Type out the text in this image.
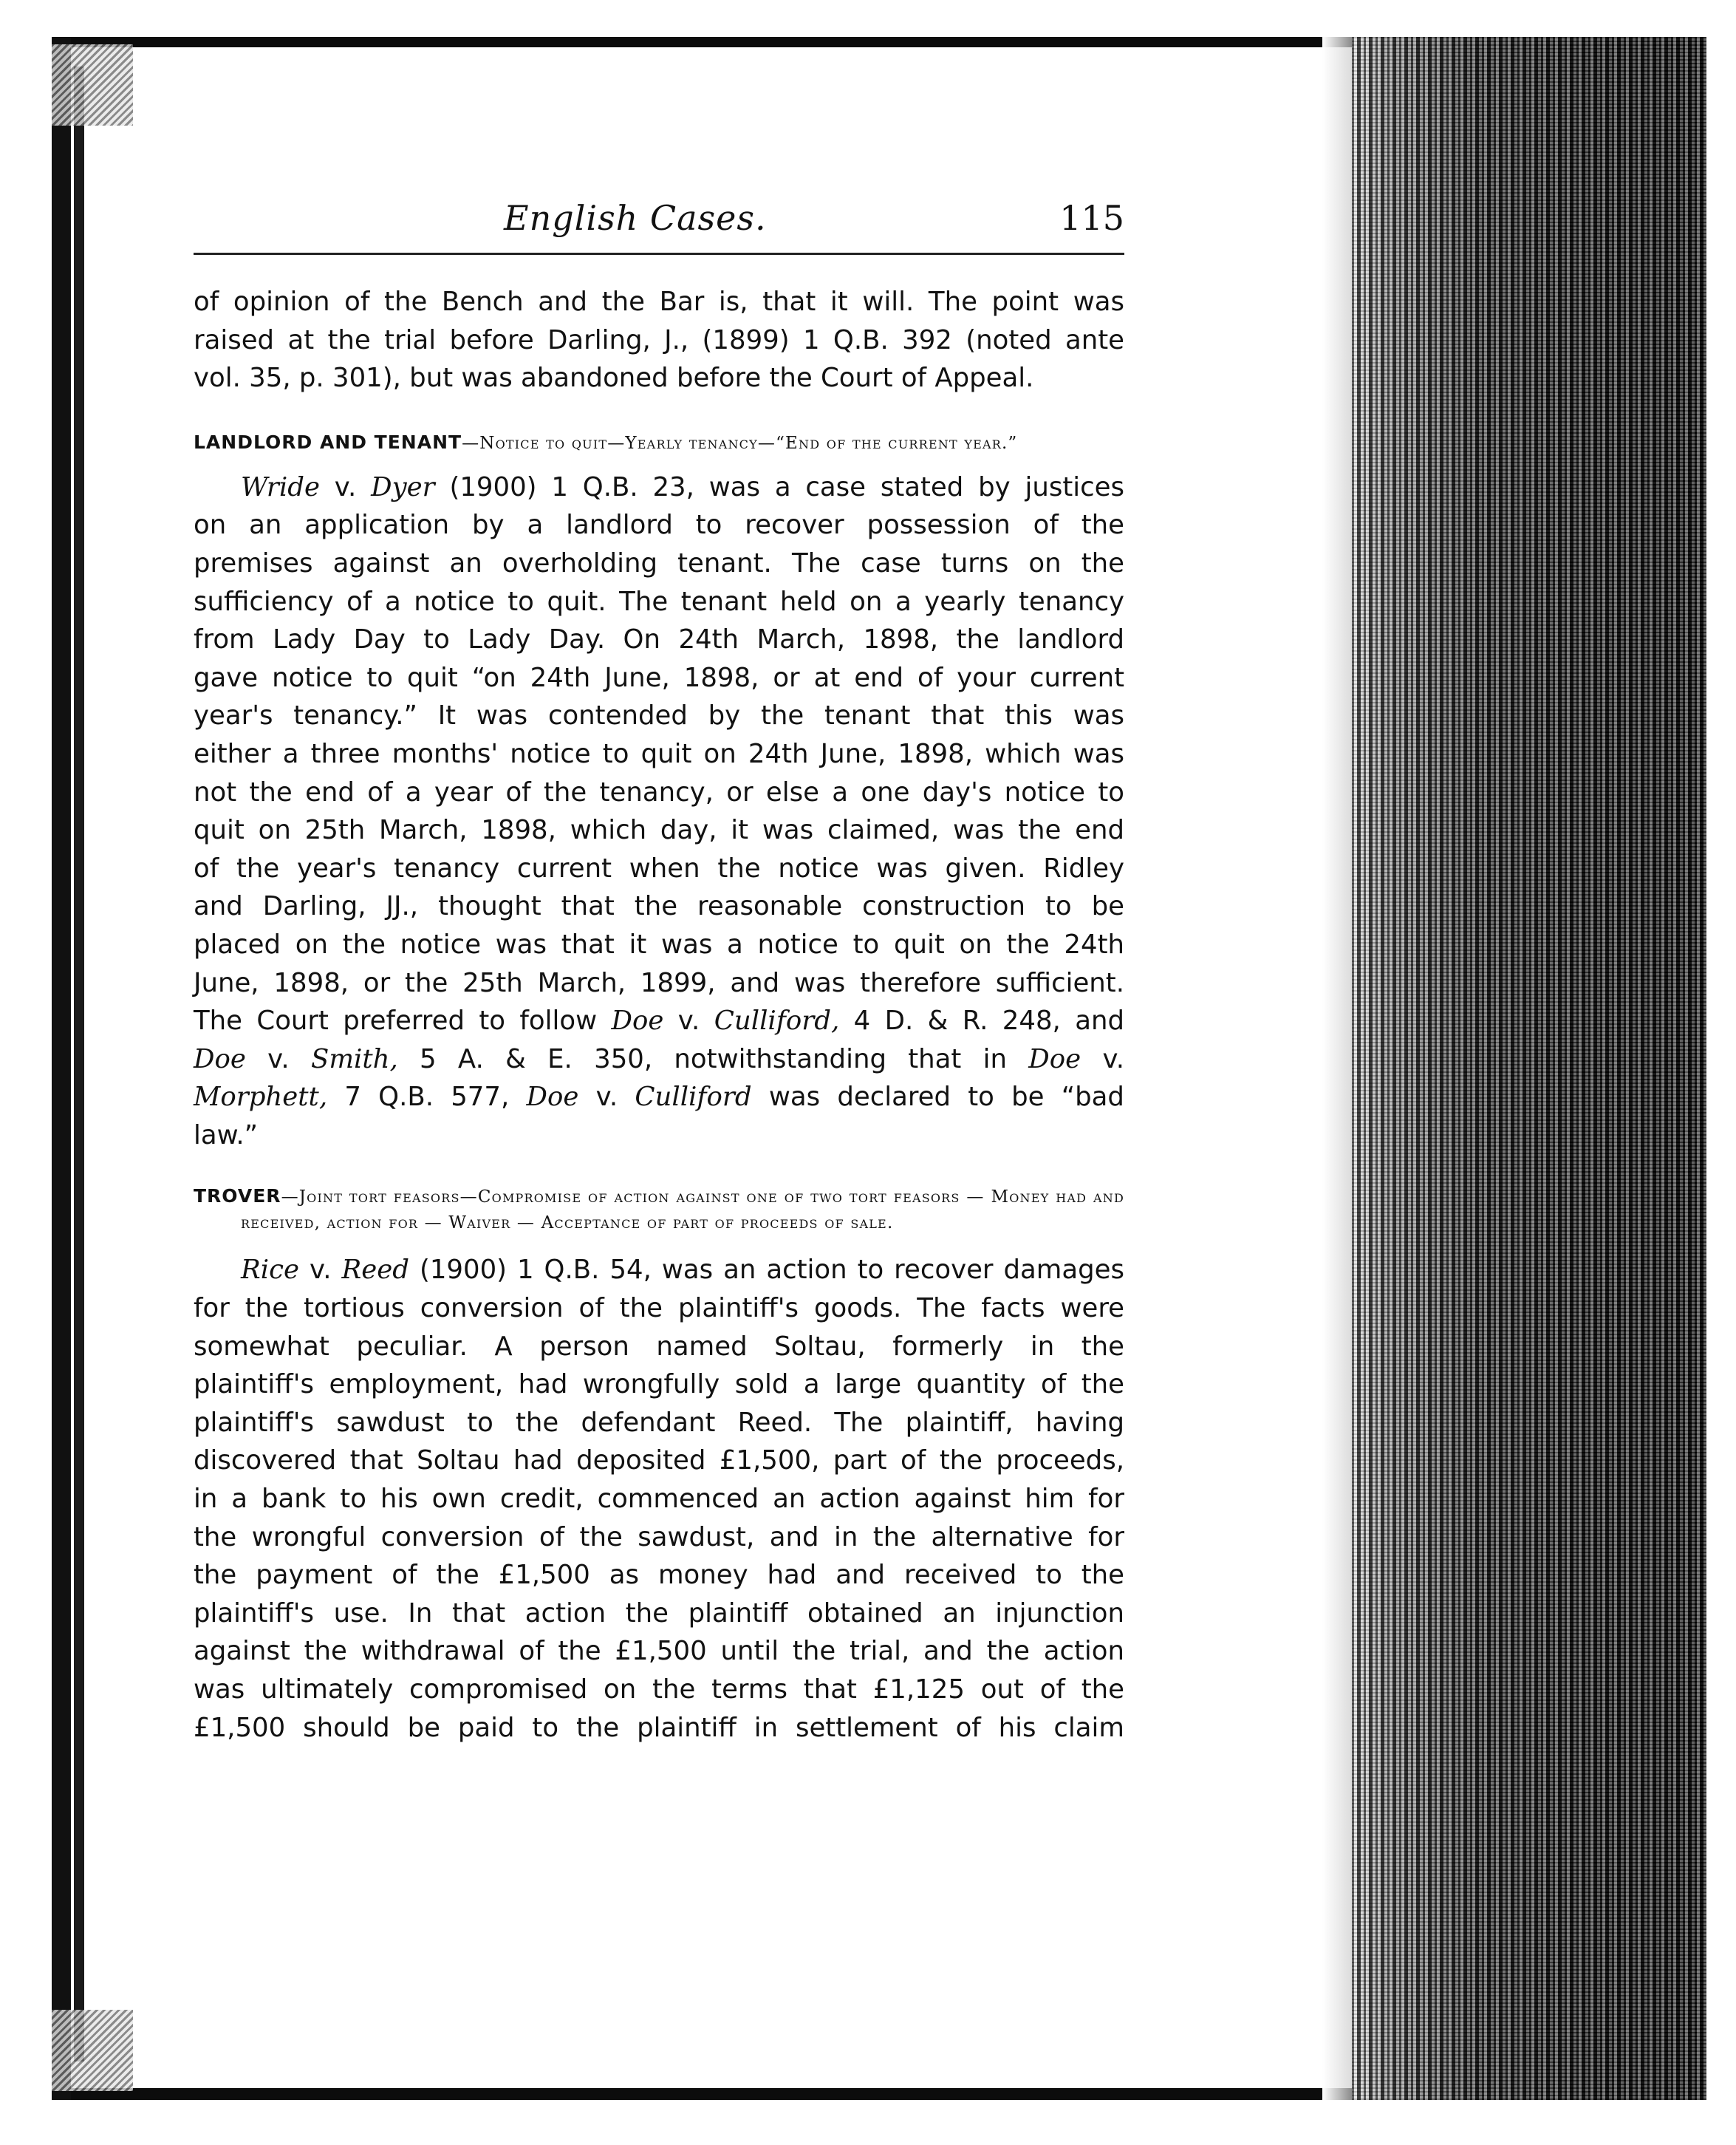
English Cases.	115

of opinion of the Bench and the Bar is, that it will. The point was
raised at the trial before Darling, J., (1899) 1 Q.B. 392 (noted ante
vol. 35, p. 301), but was abandoned before the Court of Appeal.

LANDLORD AND TENANT—Notice to quit—Yearly tenancy—“End of the current year.”

Wride v. Dyer (1900) 1 Q.B. 23, was a case stated by justices
on an application by a landlord to recover possession of the
premises against an overholding tenant. The case turns on the
sufficiency of a notice to quit. The tenant held on a yearly tenancy
from Lady Day to Lady Day. On 24th March, 1898, the landlord
gave notice to quit “on 24th June, 1898, or at end of your current
year's tenancy.” It was contended by the tenant that this was
either a three months' notice to quit on 24th June, 1898, which was
not the end of a year of the tenancy, or else a one day's notice to
quit on 25th March, 1898, which day, it was claimed, was the end
of the year's tenancy current when the notice was given. Ridley
and Darling, JJ., thought that the reasonable construction to be
placed on the notice was that it was a notice to quit on the 24th
June, 1898, or the 25th March, 1899, and was therefore sufficient.
The Court preferred to follow Doe v. Culliford, 4 D. & R. 248, and
Doe v. Smith, 5 A. & E. 350, notwithstanding that in Doe v.
Morphett, 7 Q.B. 577, Doe v. Culliford was declared to be “bad
law.”

TROVER—Joint tort feasors—Compromise of action against one of two tort feasors — Money had and received, action for — Waiver — Acceptance of part of proceeds of sale.

Rice v. Reed (1900) 1 Q.B. 54, was an action to recover damages
for the tortious conversion of the plaintiff's goods. The facts were
somewhat peculiar. A person named Soltau, formerly in the
plaintiff's employment, had wrongfully sold a large quantity of the
plaintiff's sawdust to the defendant Reed. The plaintiff, having
discovered that Soltau had deposited £1,500, part of the proceeds,
in a bank to his own credit, commenced an action against him for
the wrongful conversion of the sawdust, and in the alternative for
the payment of the £1,500 as money had and received to the
plaintiff's use. In that action the plaintiff obtained an injunction
against the withdrawal of the £1,500 until the trial, and the action
was ultimately compromised on the terms that £1,125 out of the
£1,500 should be paid to the plaintiff in settlement of his claim
